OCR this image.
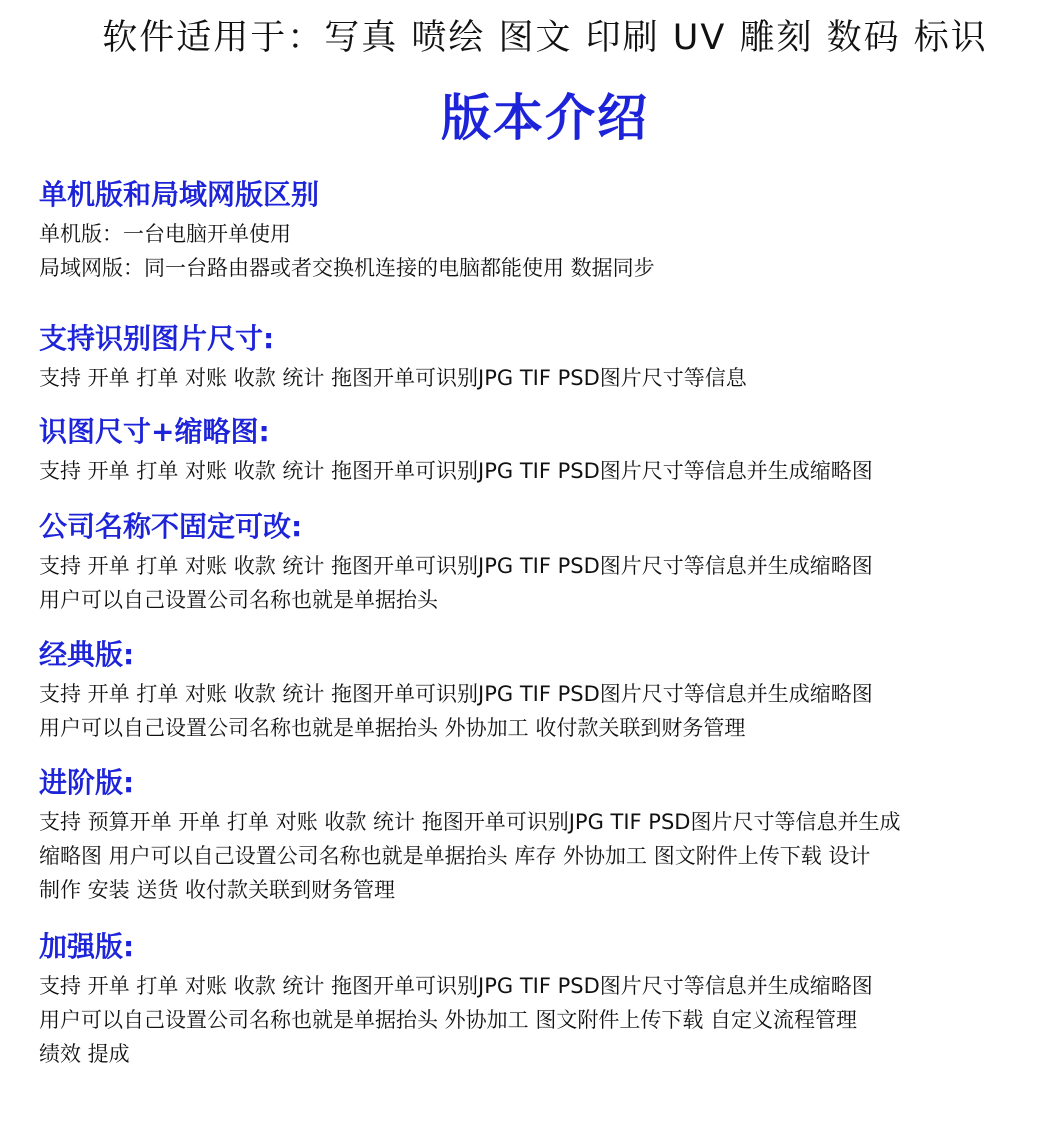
软件适用于：写真 喷绘 图文 印刷 UV 雕刻 数码 标识
版本介绍
单机版和局域网版区别
单机版：一台电脑开单使用
局域网版：同一台路由器或者交换机连接的电脑都能使用 数据同步
支持识别图片尺寸:
支持 开单 打单 对账 收款 统计 拖图开单可识别JPG TIF PSD图片尺寸等信息
识图尺寸+缩略图:
支持 开单 打单 对账 收款 统计 拖图开单可识别JPG TIF PSD图片尺寸等信息并生成缩略图
公司名称不固定可改:
支持 开单 打单 对账 收款 统计 拖图开单可识别JPG TIF PSD图片尺寸等信息并生成缩略图
用户可以自己设置公司名称也就是单据抬头
经典版:
支持 开单 打单 对账 收款 统计 拖图开单可识别JPG TIF PSD图片尺寸等信息并生成缩略图
用户可以自己设置公司名称也就是单据抬头 外协加工 收付款关联到财务管理
进阶版:
支持 预算开单 开单 打单 对账 收款 统计 拖图开单可识别JPG TIF PSD图片尺寸等信息并生成
缩略图 用户可以自己设置公司名称也就是单据抬头 库存 外协加工 图文附件上传下载 设计
制作 安装 送货 收付款关联到财务管理
加强版:
支持 开单 打单 对账 收款 统计 拖图开单可识别JPG TIF PSD图片尺寸等信息并生成缩略图
用户可以自己设置公司名称也就是单据抬头 外协加工 图文附件上传下载 自定义流程管理
绩效 提成
